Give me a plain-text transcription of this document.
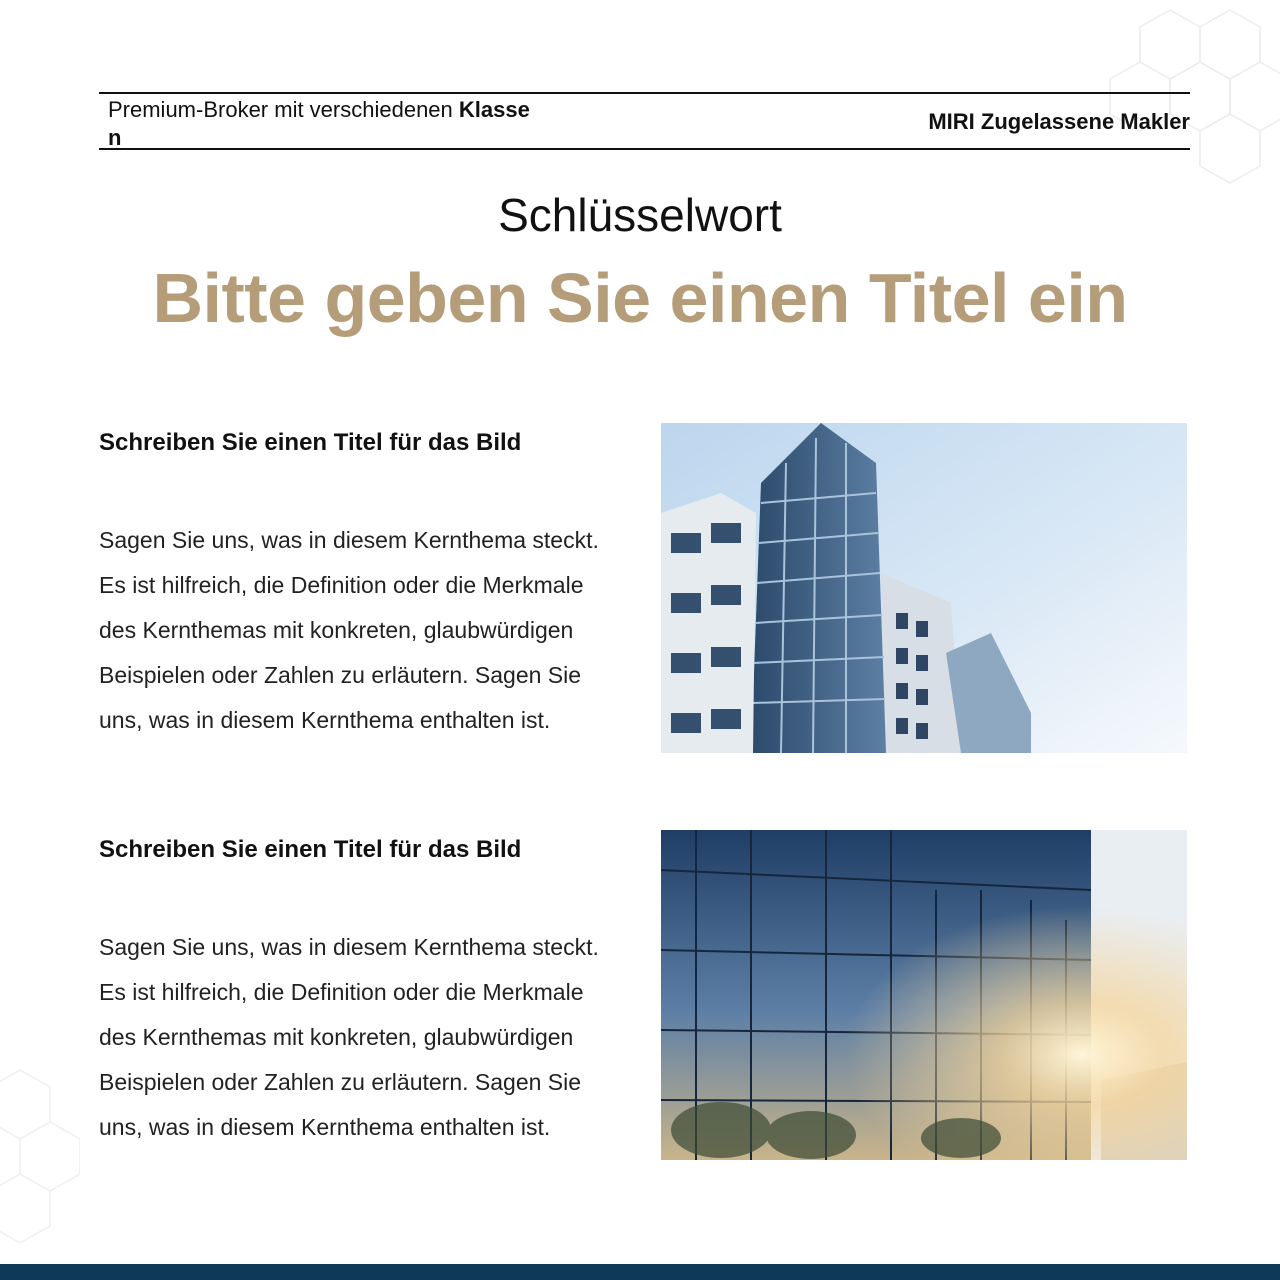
Premium-Broker mit verschiedenen Klasse
n
MIRI Zugelassene Makler
Schlüsselwort
Bitte geben Sie einen Titel ein
Schreiben Sie einen Titel für das Bild
Sagen Sie uns, was in diesem Kernthema steckt.
Es ist hilfreich, die Definition oder die Merkmale
des Kernthemas mit konkreten, glaubwürdigen
Beispielen oder Zahlen zu erläutern. Sagen Sie
uns, was in diesem Kernthema enthalten ist.
Schreiben Sie einen Titel für das Bild
Sagen Sie uns, was in diesem Kernthema steckt.
Es ist hilfreich, die Definition oder die Merkmale
des Kernthemas mit konkreten, glaubwürdigen
Beispielen oder Zahlen zu erläutern. Sagen Sie
uns, was in diesem Kernthema enthalten ist.
